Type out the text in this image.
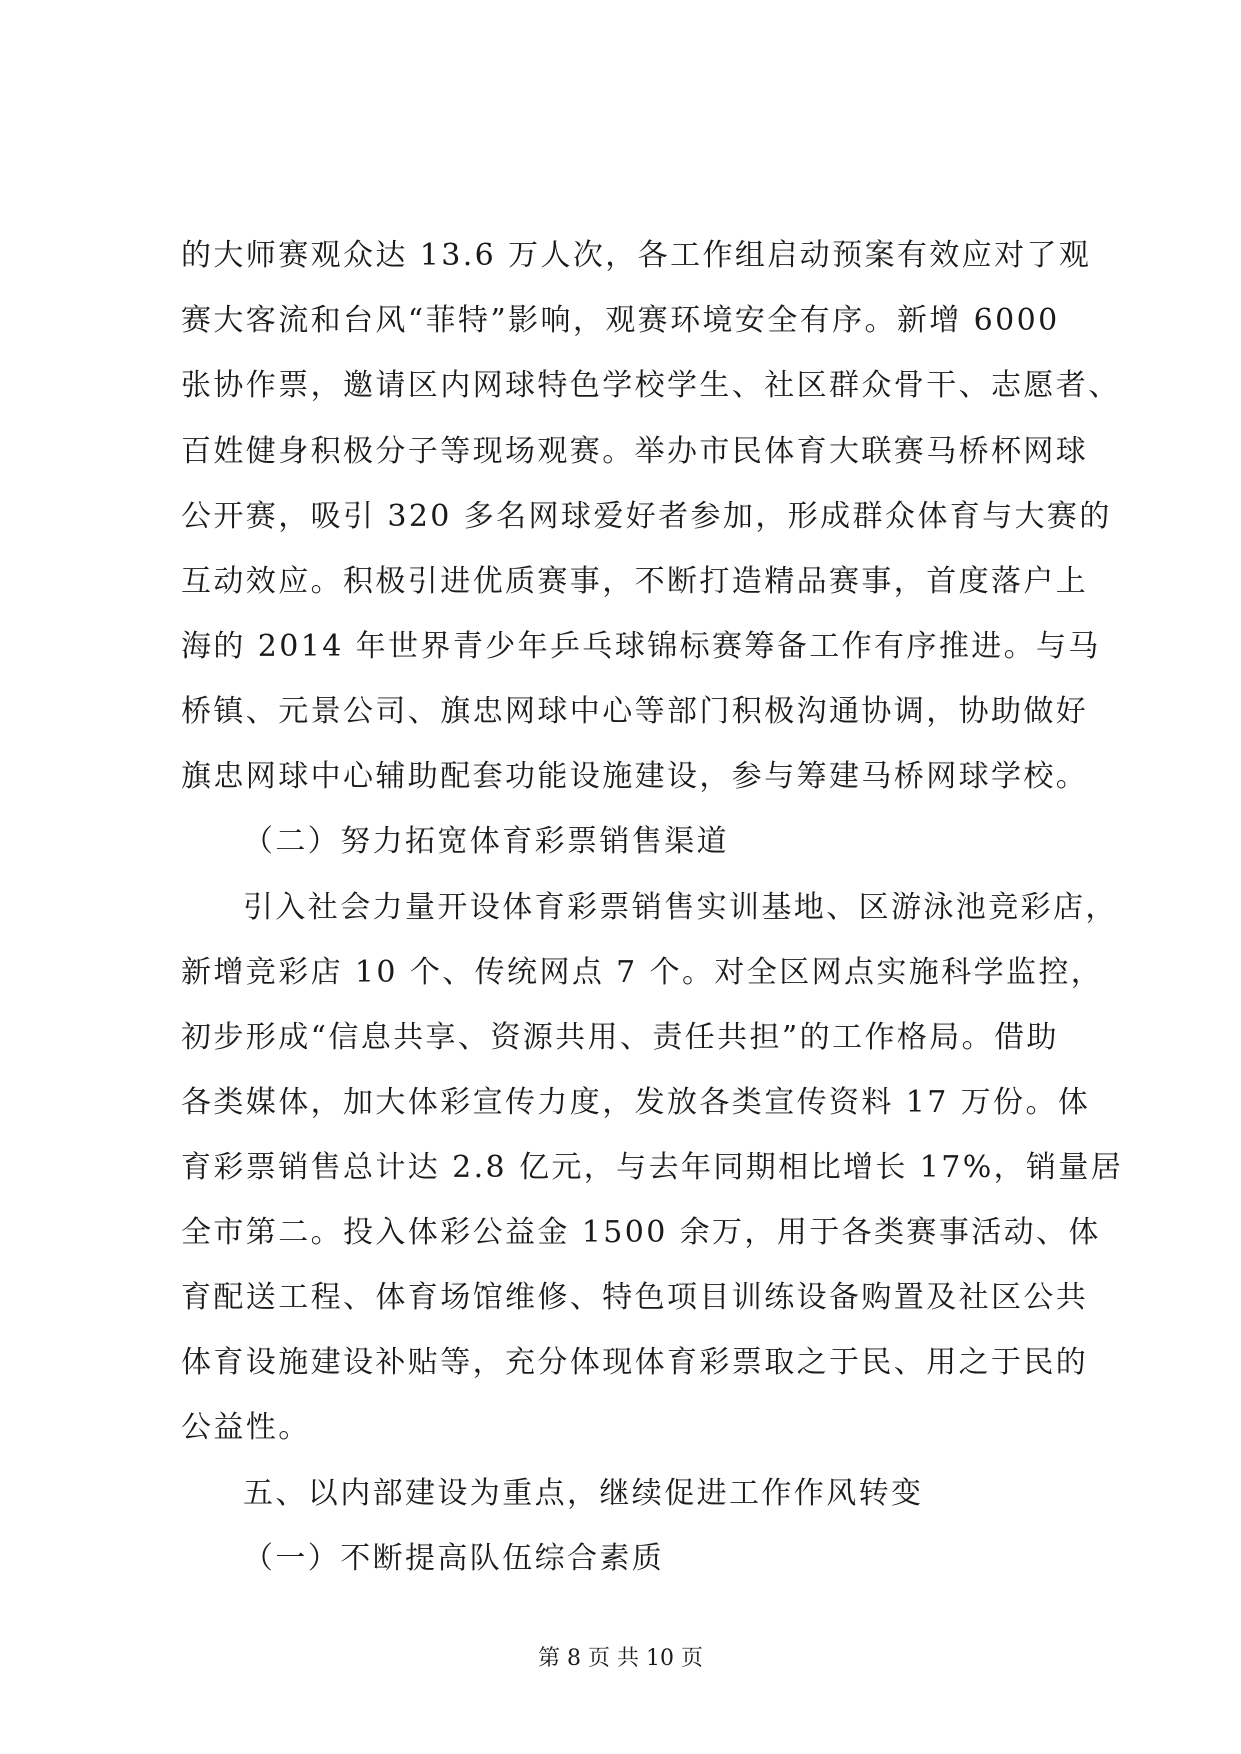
的大师赛观众达 13.6 万人次，各工作组启动预案有效应对了观

赛大客流和台风“菲特”影响，观赛环境安全有序。新增 6000

张协作票，邀请区内网球特色学校学生、社区群众骨干、志愿者、

百姓健身积极分子等现场观赛。举办市民体育大联赛马桥杯网球

公开赛，吸引 320 多名网球爱好者参加，形成群众体育与大赛的

互动效应。积极引进优质赛事，不断打造精品赛事，首度落户上

海的 2014 年世界青少年乒乓球锦标赛筹备工作有序推进。与马

桥镇、元景公司、旗忠网球中心等部门积极沟通协调，协助做好

旗忠网球中心辅助配套功能设施建设，参与筹建马桥网球学校。

（二）努力拓宽体育彩票销售渠道

引入社会力量开设体育彩票销售实训基地、区游泳池竞彩店，

新增竞彩店 10 个、传统网点 7 个。对全区网点实施科学监控，

初步形成“信息共享、资源共用、责任共担”的工作格局。借助

各类媒体，加大体彩宣传力度，发放各类宣传资料 17 万份。体

育彩票销售总计达 2.8 亿元，与去年同期相比增长 17%，销量居

全市第二。投入体彩公益金 1500 余万，用于各类赛事活动、体

育配送工程、体育场馆维修、特色项目训练设备购置及社区公共

体育设施建设补贴等，充分体现体育彩票取之于民、用之于民的

公益性。

五、以内部建设为重点，继续促进工作作风转变
（一）不断提高队伍综合素质
第 8 页 共 10 页
